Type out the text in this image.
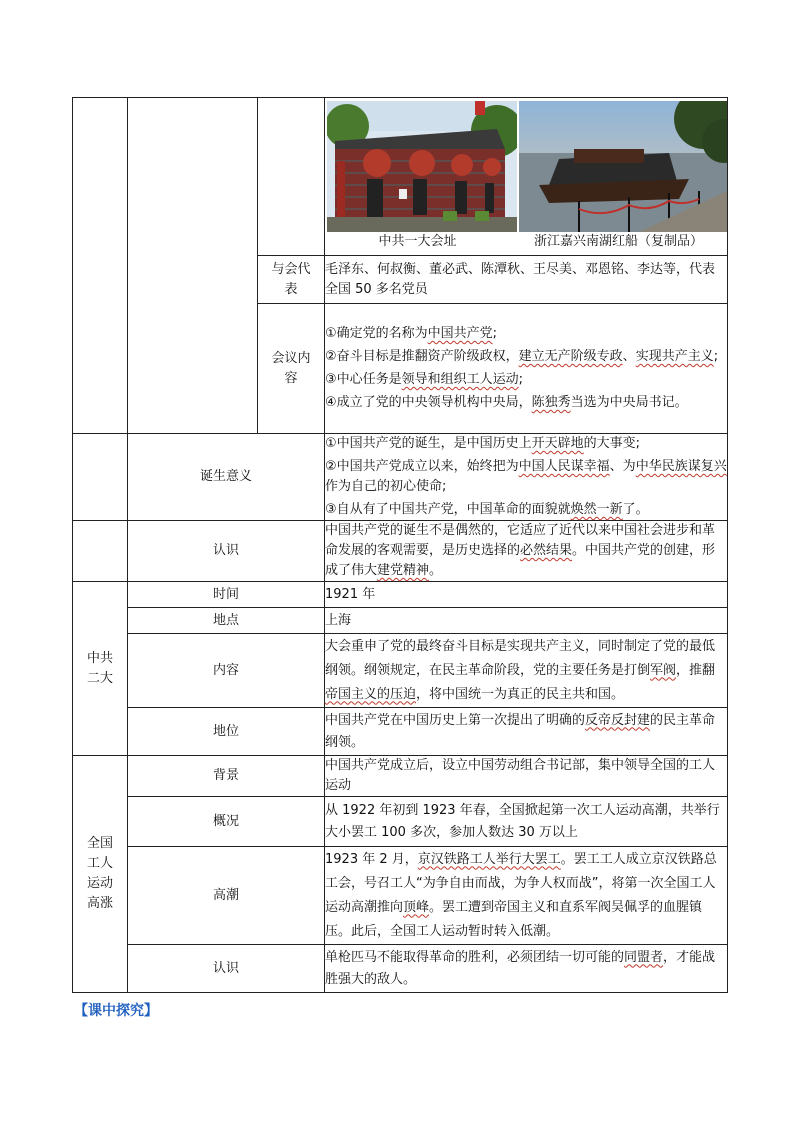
			中共一大会址 浙江嘉兴南湖红船（复制品）

		与会代表	毛泽东、何叔衡、董必武、陈潭秋、王尽美、邓恩铭、李达等，代表全国 50 多名党员
		会议内容	①确定党的名称为中国共产党;

②奋斗目标是推翻资产阶级政权，建立无产阶级专政、实现共产主义;

③中心任务是领导和组织工人运动;

④成立了党的中央领导机构中央局，陈独秀当选为中央局书记。

	诞生意义		①中国共产党的诞生，是中国历史上开天辟地的大事变;

②中国共产党成立以来，始终把为中国人民谋幸福、为中华民族谋复兴作为自己的初心使命;

③自从有了中国共产党，中国革命的面貌就焕然一新了。

	认识		中国共产党的诞生不是偶然的，它适应了近代以来中国社会进步和革命发展的客观需要，是历史选择的必然结果。中国共产党的创建，形成了伟大建党精神。

中共二大	时间		1921 年
	地点		上海
	内容		大会重申了党的最终奋斗目标是实现共产主义，同时制定了党的最低纲领。纲领规定，在民主革命阶段，党的主要任务是打倒军阀，推翻帝国主义的压迫，将中国统一为真正的民主共和国。
	地位		中国共产党在中国历史上第一次提出了明确的反帝反封建的民主革命纲领。

全国工人运动高涨	背景		中国共产党成立后，设立中国劳动组合书记部，集中领导全国的工人运动
	概况		从 1922 年初到 1923 年春，全国掀起第一次工人运动高潮，共举行大小罢工 100 多次，参加人数达 30 万以上
	高潮		1923 年 2 月，京汉铁路工人举行大罢工。罢工工人成立京汉铁路总工会，号召工人“为争自由而战，为争人权而战”，将第一次全国工人运动高潮推向顶峰。罢工遭到帝国主义和直系军阀吴佩孚的血腥镇压。此后，全国工人运动暂时转入低潮。
	认识		单枪匹马不能取得革命的胜利，必须团结一切可能的同盟者，才能战胜强大的敌人。
【课中探究】
